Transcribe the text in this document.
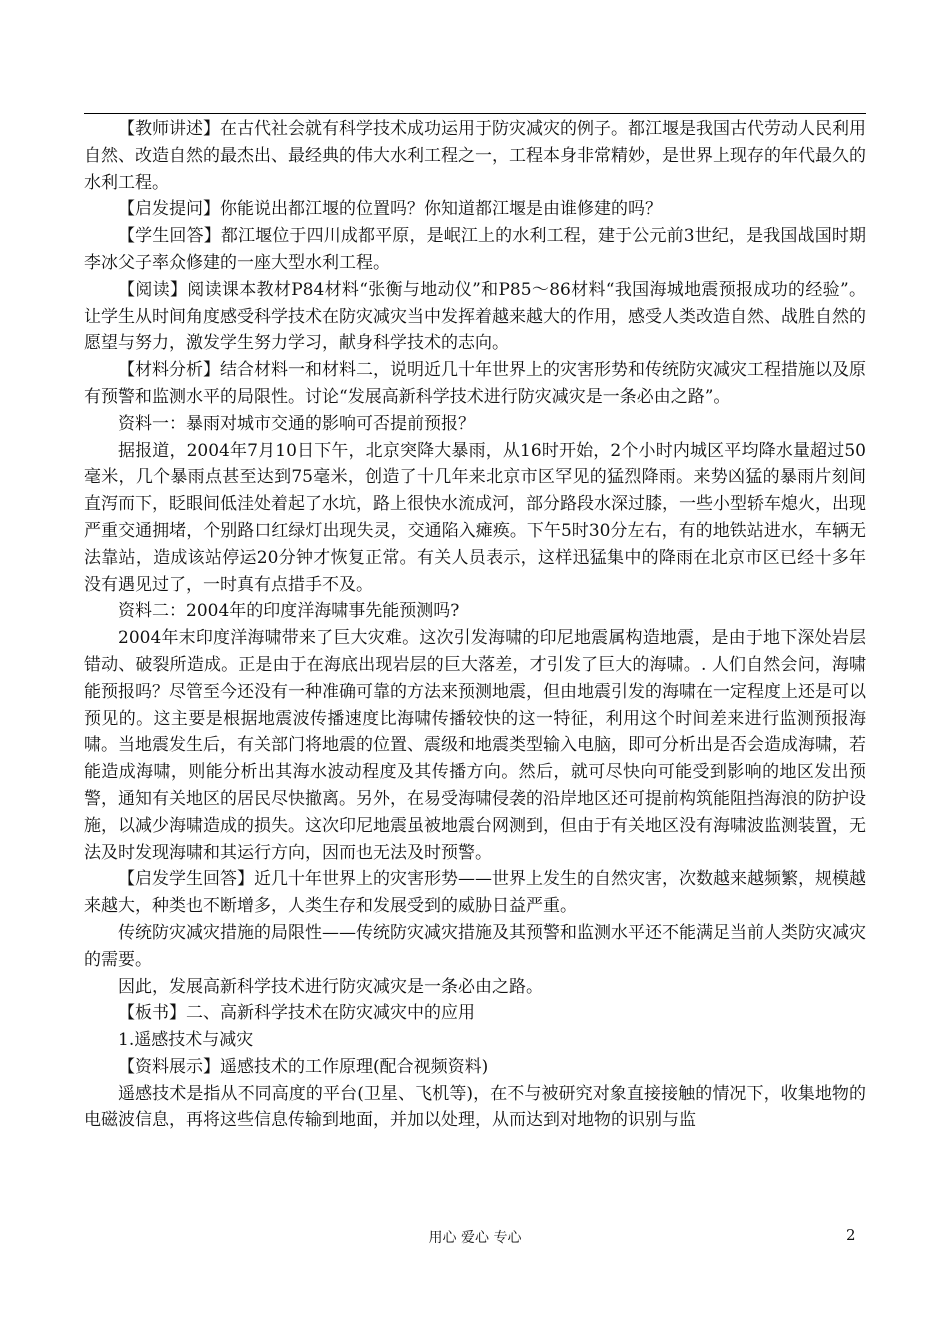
【教师讲述】在古代社会就有科学技术成功运用于防灾减灾的例子。都江堰是我国古代劳动人民利用自然、改造自然的最杰出、最经典的伟大水利工程之一，工程本身非常精妙，是世界上现存的年代最久的水利工程。

【启发提问】你能说出都江堰的位置吗？你知道都江堰是由谁修建的吗？

【学生回答】都江堰位于四川成都平原，是岷江上的水利工程，建于公元前3世纪，是我国战国时期李冰父子率众修建的一座大型水利工程。

【阅读】阅读课本教材P84材料“张衡与地动仪”和P85～86材料“我国海城地震预报成功的经验”。 让学生从时间角度感受科学技术在防灾减灾当中发挥着越来越大的作用，感受人类改造自然、战胜自然的愿望与努力，激发学生努力学习，献身科学技术的志向。

【材料分析】结合材料一和材料二，说明近几十年世界上的灾害形势和传统防灾减灾工程措施以及原有预警和监测水平的局限性。讨论“发展高新科学技术进行防灾减灾是一条必由之路”。

资料一：暴雨对城市交通的影响可否提前预报？

据报道，2004年7月10日下午，北京突降大暴雨，从16时开始，2个小时内城区平均降水量超过50毫米，几个暴雨点甚至达到75毫米，创造了十几年来北京市区罕见的猛烈降雨。来势凶猛的暴雨片刻间直泻而下，眨眼间低洼处着起了水坑，路上很快水流成河，部分路段水深过膝，一些小型轿车熄火，出现严重交通拥堵，个别路口红绿灯出现失灵，交通陷入瘫痪。下午5时30分左右，有的地铁站进水，车辆无法靠站，造成该站停运20分钟才恢复正常。有关人员表示，这样迅猛集中的降雨在北京市区已经十多年没有遇见过了，一时真有点措手不及。

资料二：2004年的印度洋海啸事先能预测吗?

2004年末印度洋海啸带来了巨大灾难。这次引发海啸的印尼地震属构造地震，是由于地下深处岩层错动、破裂所造成。正是由于在海底出现岩层的巨大落差，才引发了巨大的海啸。. 人们自然会问，海啸能预报吗？尽管至今还没有一种准确可靠的方法来预测地震，但由地震引发的海啸在一定程度上还是可以预见的。这主要是根据地震波传播速度比海啸传播较快的这一特征，利用这个时间差来进行监测预报海啸。当地震发生后，有关部门将地震的位置、震级和地震类型输入电脑，即可分析出是否会造成海啸，若能造成海啸，则能分析出其海水波动程度及其传播方向。然后，就可尽快向可能受到影响的地区发出预警，通知有关地区的居民尽快撤离。另外，在易受海啸侵袭的沿岸地区还可提前构筑能阻挡海浪的防护设施，以减少海啸造成的损失。这次印尼地震虽被地震台网测到，但由于有关地区没有海啸波监测装置，无法及时发现海啸和其运行方向，因而也无法及时预警。

【启发学生回答】近几十年世界上的灾害形势——世界上发生的自然灾害，次数越来越频繁，规模越来越大，种类也不断增多，人类生存和发展受到的威胁日益严重。

传统防灾减灾措施的局限性——传统防灾减灾措施及其预警和监测水平还不能满足当前人类防灾减灾的需要。

因此，发展高新科学技术进行防灾减灾是一条必由之路。

【板书】二、高新科学技术在防灾减灾中的应用

1.遥感技术与减灾

【资料展示】遥感技术的工作原理(配合视频资料)

遥感技术是指从不同高度的平台(卫星、飞机等)，在不与被研究对象直接接触的情况下，收集地物的电磁波信息，再将这些信息传输到地面，并加以处理，从而达到对地物的识别与监

用心 爱心 专心	2
